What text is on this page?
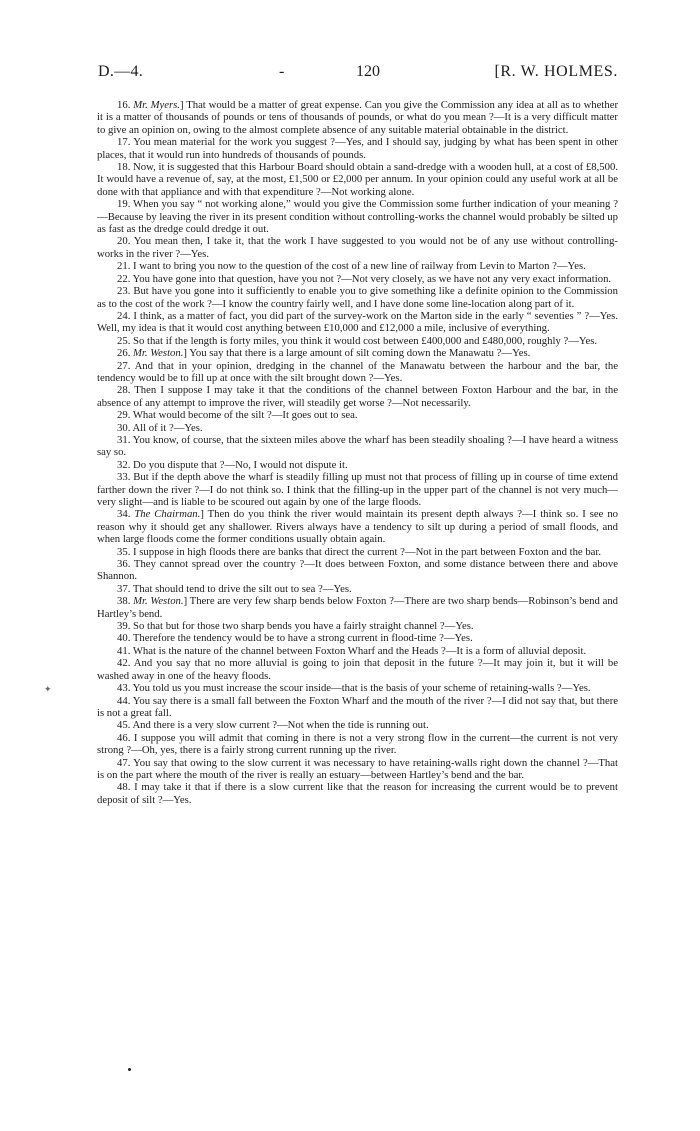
D.—4.	-	120	[R. W. HOLMES.

16. Mr. Myers.] That would be a matter of great expense. Can you give the Commission any idea at all as to whether it is a matter of thousands of pounds or tens of thousands of pounds, or what do you mean ?—It is a very difficult matter to give an opinion on, owing to the almost complete absence of any suitable material obtainable in the district.

17. You mean material for the work you suggest ?—Yes, and I should say, judging by what has been spent in other places, that it would run into hundreds of thousands of pounds.

18. Now, it is suggested that this Harbour Board should obtain a sand-dredge with a wooden hull, at a cost of £8,500. It would have a revenue of, say, at the most, £1,500 or £2,000 per annum. In your opinion could any useful work at all be done with that appliance and with that expenditure ?—Not working alone.

19. When you say “ not working alone,” would you give the Commission some further indication of your meaning ?—Because by leaving the river in its present condition without controlling-works the channel would probably be silted up as fast as the dredge could dredge it out.

20. You mean then, I take it, that the work I have suggested to you would not be of any use without controlling-works in the river ?—Yes.

21. I want to bring you now to the question of the cost of a new line of railway from Levin to Marton ?—Yes.

22. You have gone into that question, have you not ?—Not very closely, as we have not any very exact information.

23. But have you gone into it sufficiently to enable you to give something like a definite opinion to the Commission as to the cost of the work ?—I know the country fairly well, and I have done some line-location along part of it.

24. I think, as a matter of fact, you did part of the survey-work on the Marton side in the early “ seventies ” ?—Yes. Well, my idea is that it would cost anything between £10,000 and £12,000 a mile, inclusive of everything.

25. So that if the length is forty miles, you think it would cost between £400,000 and £480,000, roughly ?—Yes.

26. Mr. Weston.] You say that there is a large amount of silt coming down the Manawatu ?—Yes.

27. And that in your opinion, dredging in the channel of the Manawatu between the harbour and the bar, the tendency would be to fill up at once with the silt brought down ?—Yes.

28. Then I suppose I may take it that the conditions of the channel between Foxton Harbour and the bar, in the absence of any attempt to improve the river, will steadily get worse ?—Not necessarily.

29. What would become of the silt ?—It goes out to sea.

30. All of it ?—Yes.

31. You know, of course, that the sixteen miles above the wharf has been steadily shoaling ?—I have heard a witness say so.

32. Do you dispute that ?—No, I would not dispute it.

33. But if the depth above the wharf is steadily filling up must not that process of filling up in course of time extend farther down the river ?—I do not think so. I think that the filling-up in the upper part of the channel is not very much—very slight—and is liable to be scoured out again by one of the large floods.

34. The Chairman.] Then do you think the river would maintain its present depth always ?—I think so. I see no reason why it should get any shallower. Rivers always have a tendency to silt up during a period of small floods, and when large floods come the former conditions usually obtain again.

35. I suppose in high floods there are banks that direct the current ?—Not in the part between Foxton and the bar.

36. They cannot spread over the country ?—It does between Foxton, and some distance between there and above Shannon.

37. That should tend to drive the silt out to sea ?—Yes.

38. Mr. Weston.] There are very few sharp bends below Foxton ?—There are two sharp bends—Robinson’s bend and Hartley’s bend.

39. So that but for those two sharp bends you have a fairly straight channel ?—Yes.

40. Therefore the tendency would be to have a strong current in flood-time ?—Yes.

41. What is the nature of the channel between Foxton Wharf and the Heads ?—It is a form of alluvial deposit.

42. And you say that no more alluvial is going to join that deposit in the future ?—It may join it, but it will be washed away in one of the heavy floods.

43. You told us you must increase the scour inside—that is the basis of your scheme of retaining-walls ?—Yes.

44. You say there is a small fall between the Foxton Wharf and the mouth of the river ?—I did not say that, but there is not a great fall.

45. And there is a very slow current ?—Not when the tide is running out.

46. I suppose you will admit that coming in there is not a very strong flow in the current—the current is not very strong ?—Oh, yes, there is a fairly strong current running up the river.

47. You say that owing to the slow current it was necessary to have retaining-walls right down the channel ?—That is on the part where the mouth of the river is really an estuary—between Hartley’s bend and the bar.

48. I may take it that if there is a slow current like that the reason for increasing the current would be to prevent deposit of silt ?—Yes.

✦
